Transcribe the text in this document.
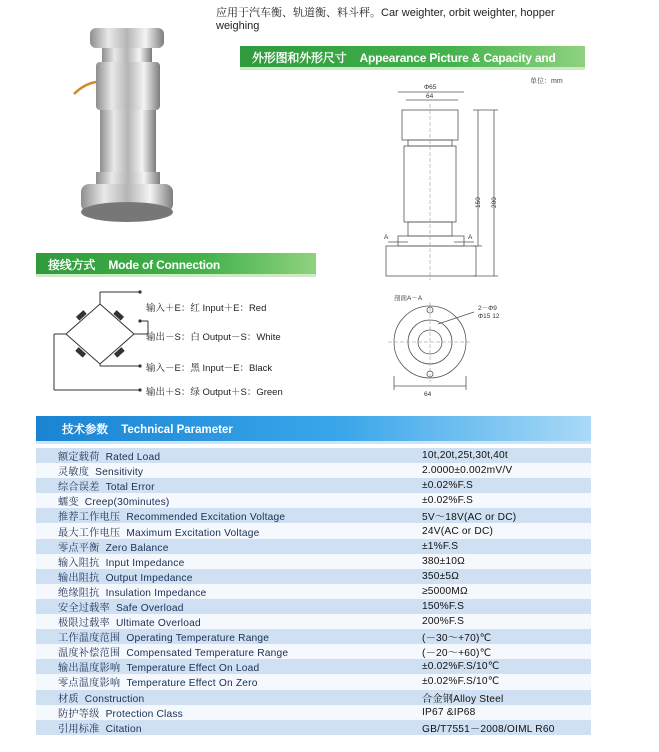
应用于汽车衡、轨道衡、料斗秤。Car weighter, orbit weighter, hopper weighing
外形图和外形尺寸 Appearance Picture & Capacity and Size	单位：mm
Φ65
64
150 200
A	A
剖面A－A
2－Φ9
Φ15 12
64
接线方式 Mode of Connection
输入＋E：红 Input＋E：Red
输出－S：白 Output－S：White
输入－E：黑 Input－E：Black
输出＋S：绿 Output＋S：Green
技术参数 Technical Parameter
额定载荷 Rated Load	10t,20t,25t,30t,40t
灵敏度 Sensitivity	2.0000±0.002mV/V
综合误差 Total Error	±0.02%F.S
蠕变 Creep(30minutes)	±0.02%F.S
推荐工作电压 Recommended Excitation Voltage	5V～18V(AC or DC)
最大工作电压 Maximum Excitation Voltage	24V(AC or DC)
零点平衡 Zero Balance	±1%F.S
输入阻抗 Input Impedance	380±10Ω
输出阻抗 Output Impedance	350±5Ω
绝缘阻抗 Insulation Impedance	≥5000MΩ
安全过载率 Safe Overload	150%F.S
极限过载率 Ultimate Overload	200%F.S
工作温度范围 Operating Temperature Range	(－30～+70)℃
温度补偿范围 Compensated Temperature Range	(－20～+60)℃
输出温度影响 Temperature Effect On Load	±0.02%F.S/10℃
零点温度影响 Temperature Effect On Zero	±0.02%F.S/10℃
材质 Construction	合金钢Alloy Steel
防护等级 Protection Class	IP67 &IP68
引用标准 Citation	GB/T7551－2008/OIML R60
